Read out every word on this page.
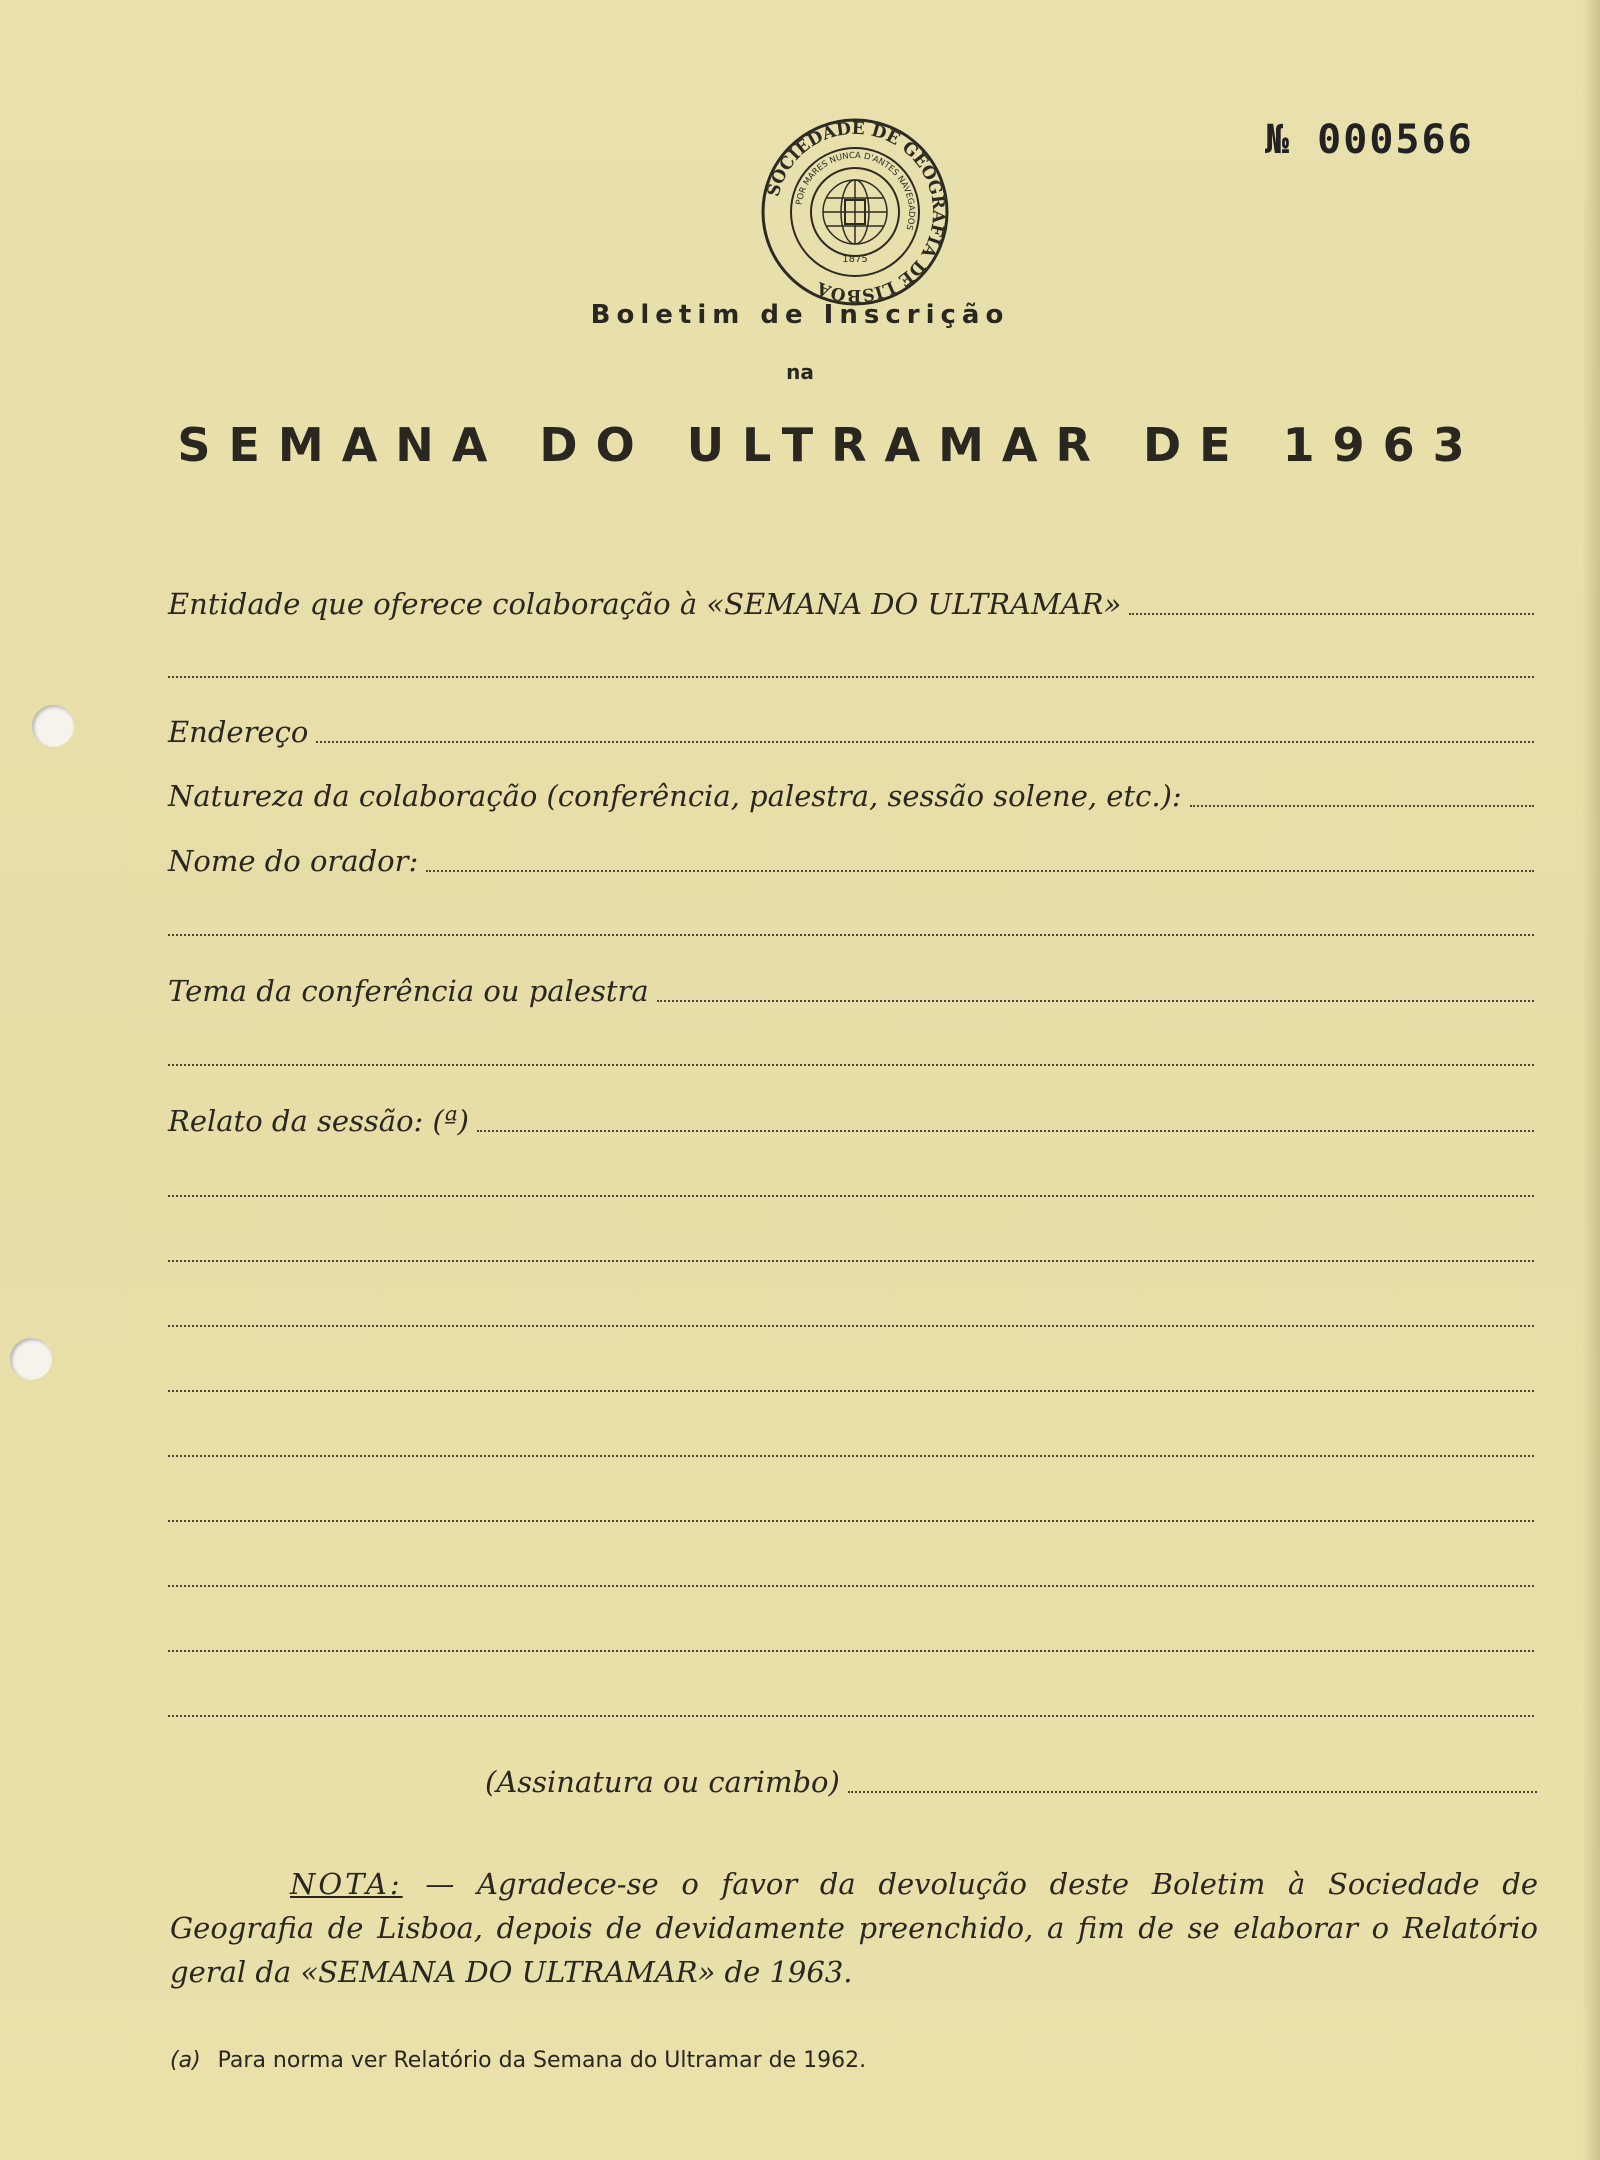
SOCIEDADE DE GEOGRAFIA DE LISBOA
POR MARES NUNCA D'ANTES NAVEGADOS
1875
№ 000566
Boletim de Inscrição
na
SEMANA DO ULTRAMAR DE 1963
Entidade que oferece colaboração à «SEMANA DO ULTRAMAR»
Endereço
Natureza da colaboração (conferência, palestra, sessão solene, etc.):
Nome do orador:
Tema da conferência ou palestra
Relato da sessão: (ª)
(Assinatura ou carimbo)
NOTA: — Agradece-se o favor da devolução deste Boletim à Sociedade de Geografia de Lisboa, depois de devidamente preenchido, a fim de se elaborar o Relatório geral da «SEMANA DO ULTRAMAR» de 1963.
(a) Para norma ver Relatório da Semana do Ultramar de 1962.
